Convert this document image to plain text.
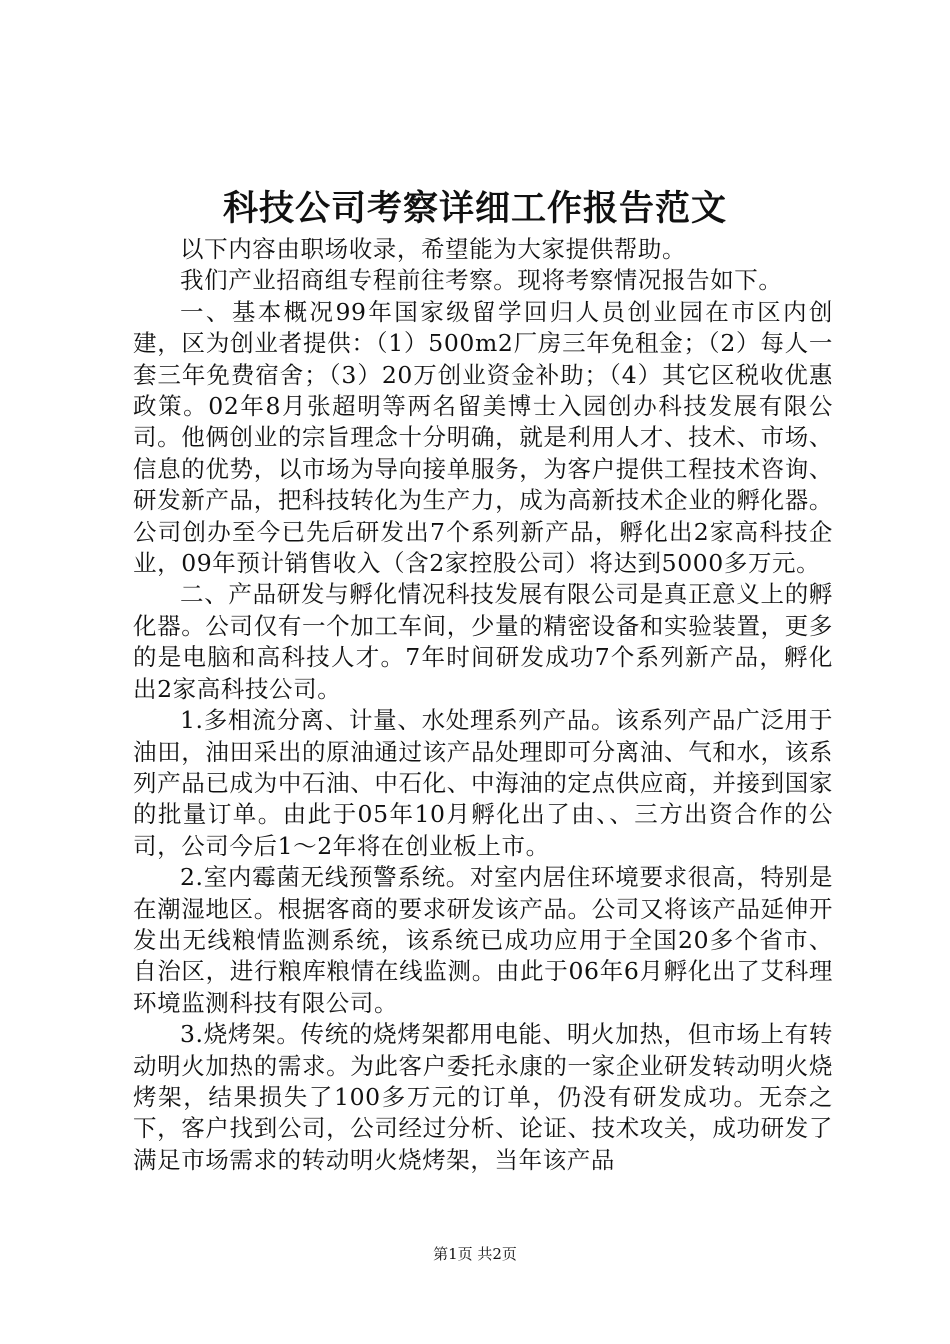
科技公司考察详细工作报告范文

以下内容由职场收录，希望能为大家提供帮助。

我们产业招商组专程前往考察。现将考察情况报告如下。

一、基本概况99年国家级留学回归人员创业园在市区内创建，区为创业者提供：（1）500m2厂房三年免租金；（2）每人一套三年免费宿舍；（3）20万创业资金补助；（4）其它区税收优惠政策。02年8月张超明等两名留美博士入园创办科技发展有限公司。他俩创业的宗旨理念十分明确，就是利用人才、技术、市场、信息的优势，以市场为导向接单服务，为客户提供工程技术咨询、研发新产品，把科技转化为生产力，成为高新技术企业的孵化器。公司创办至今已先后研发出7个系列新产品，孵化出2家高科技企业，09年预计销售收入（含2家控股公司）将达到5000多万元。

二、产品研发与孵化情况科技发展有限公司是真正意义上的孵化器。公司仅有一个加工车间，少量的精密设备和实验装置，更多的是电脑和高科技人才。7年时间研发成功7个系列新产品，孵化出2家高科技公司。

1.多相流分离、计量、水处理系列产品。该系列产品广泛用于油田，油田采出的原油通过该产品处理即可分离油、气和水，该系列产品已成为中石油、中石化、中海油的定点供应商，并接到国家的批量订单。由此于05年10月孵化出了由、、三方出资合作的公司，公司今后1～2年将在创业板上市。

2.室内霉菌无线预警系统。对室内居住环境要求很高，特别是在潮湿地区。根据客商的要求研发该产品。公司又将该产品延伸开发出无线粮情监测系统，该系统已成功应用于全国20多个省市、自治区，进行粮库粮情在线监测。由此于06年6月孵化出了艾科理环境监测科技有限公司。

3.烧烤架。传统的烧烤架都用电能、明火加热，但市场上有转动明火加热的需求。为此客户委托永康的一家企业研发转动明火烧烤架，结果损失了100多万元的订单，仍没有研发成功。无奈之下，客户找到公司，公司经过分析、论证、技术攻关，成功研发了满足市场需求的转动明火烧烤架，当年该产品

第1页 共2页
